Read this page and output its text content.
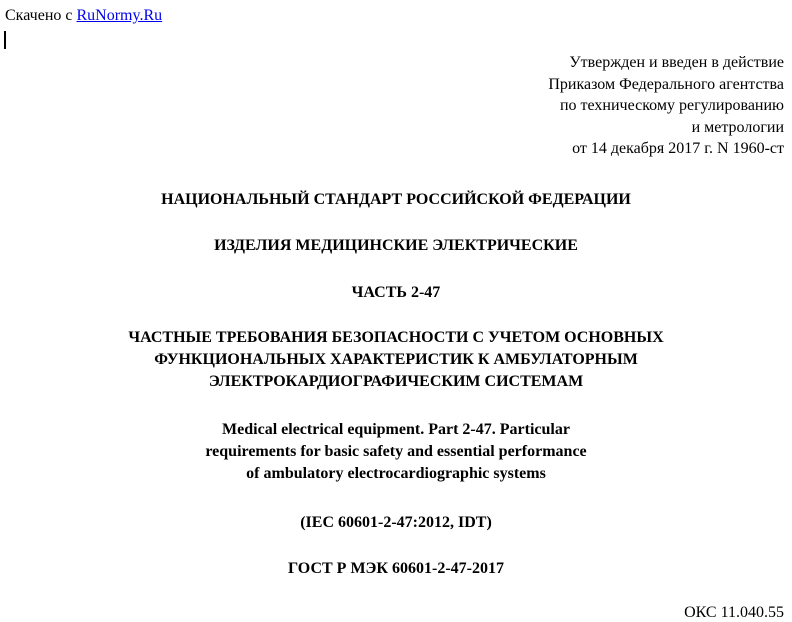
Скачено с RuNormy.Ru
Утвержден и введен в действие
Приказом Федерального агентства
по техническому регулированию
и метрологии
от 14 декабря 2017 г. N 1960-ст
НАЦИОНАЛЬНЫЙ СТАНДАРТ РОССИЙСКОЙ ФЕДЕРАЦИИ
ИЗДЕЛИЯ МЕДИЦИНСКИЕ ЭЛЕКТРИЧЕСКИЕ
ЧАСТЬ 2-47
ЧАСТНЫЕ ТРЕБОВАНИЯ БЕЗОПАСНОСТИ С УЧЕТОМ ОСНОВНЫХ
ФУНКЦИОНАЛЬНЫХ ХАРАКТЕРИСТИК К АМБУЛАТОРНЫМ
ЭЛЕКТРОКАРДИОГРАФИЧЕСКИМ СИСТЕМАМ
Medical electrical equipment. Part 2-47. Particular
requirements for basic safety and essential performance
of ambulatory electrocardiographic systems
(IEC 60601-2-47:2012, IDT)
ГОСТ Р МЭК 60601-2-47-2017
ОКС 11.040.55
